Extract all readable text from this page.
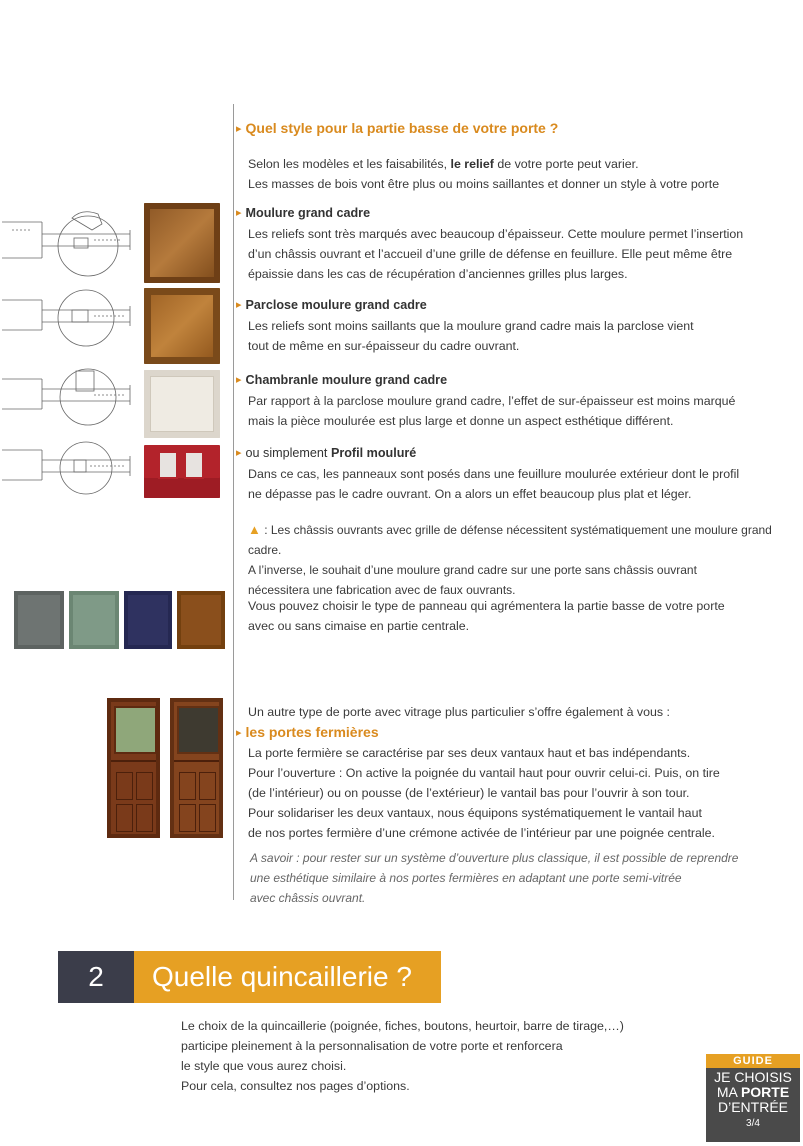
▸ Quel style pour la partie basse de votre porte ?
Selon les modèles et les faisabilités, le relief de votre porte peut varier.
Les masses de bois vont être plus ou moins saillantes et donner un style à votre porte
▸ Moulure grand cadre
Les reliefs sont très marqués avec beaucoup d’épaisseur. Cette moulure permet l’insertion
d’un châssis ouvrant et l’accueil d’une grille de défense en feuillure. Elle peut même être
épaissie dans les cas de récupération d’anciennes grilles plus larges.
▸ Parclose moulure grand cadre
Les reliefs sont moins saillants que la moulure grand cadre mais la parclose vient
tout de même en sur-épaisseur du cadre ouvrant.
▸ Chambranle moulure grand cadre
Par rapport à la parclose moulure grand cadre, l’effet de sur-épaisseur est moins marqué
mais la pièce moulurée est plus large et donne un aspect esthétique différent.
▸ ou simplement Profil mouluré
Dans ce cas, les panneaux sont posés dans une feuillure moulurée extérieur dont le profil
ne dépasse pas le cadre ouvrant. On a alors un effet beaucoup plus plat et léger.
▲ : Les châssis ouvrants avec grille de défense nécessitent systématiquement une moulure grand cadre.
A l’inverse, le souhait d’une moulure grand cadre sur une porte sans châssis ouvrant
nécessitera une fabrication avec de faux ouvrants.
Vous pouvez choisir le type de panneau qui agrémentera la partie basse de votre porte
avec ou sans cimaise en partie centrale.
Un autre type de porte avec vitrage plus particulier s’offre également à vous :
▸ les portes fermières
La porte fermière se caractérise par ses deux vantaux haut et bas indépendants.
Pour l’ouverture : On active la poignée du vantail haut pour ouvrir celui-ci. Puis, on tire
(de l’intérieur) ou on pousse (de l’extérieur) le vantail bas pour l’ouvrir à son tour.
Pour solidariser les deux vantaux, nous équipons systématiquement le vantail haut
de nos portes fermière d’une crémone activée de l’intérieur par une poignée centrale.
A savoir : pour rester sur un système d’ouverture plus classique, il est possible de reprendre
une esthétique similaire à nos portes fermières en adaptant une porte semi-vitrée
avec châssis ouvrant.
2	Quelle quincaillerie ?
Le choix de la quincaillerie (poignée, fiches, boutons, heurtoir, barre de tirage,…)
participe pleinement à la personnalisation de votre porte et renforcera
le style que vous aurez choisi.
Pour cela, consultez nos pages d’options.
GUIDE
JE CHOISIS
MA PORTE
D’ENTRÉE
3/4
